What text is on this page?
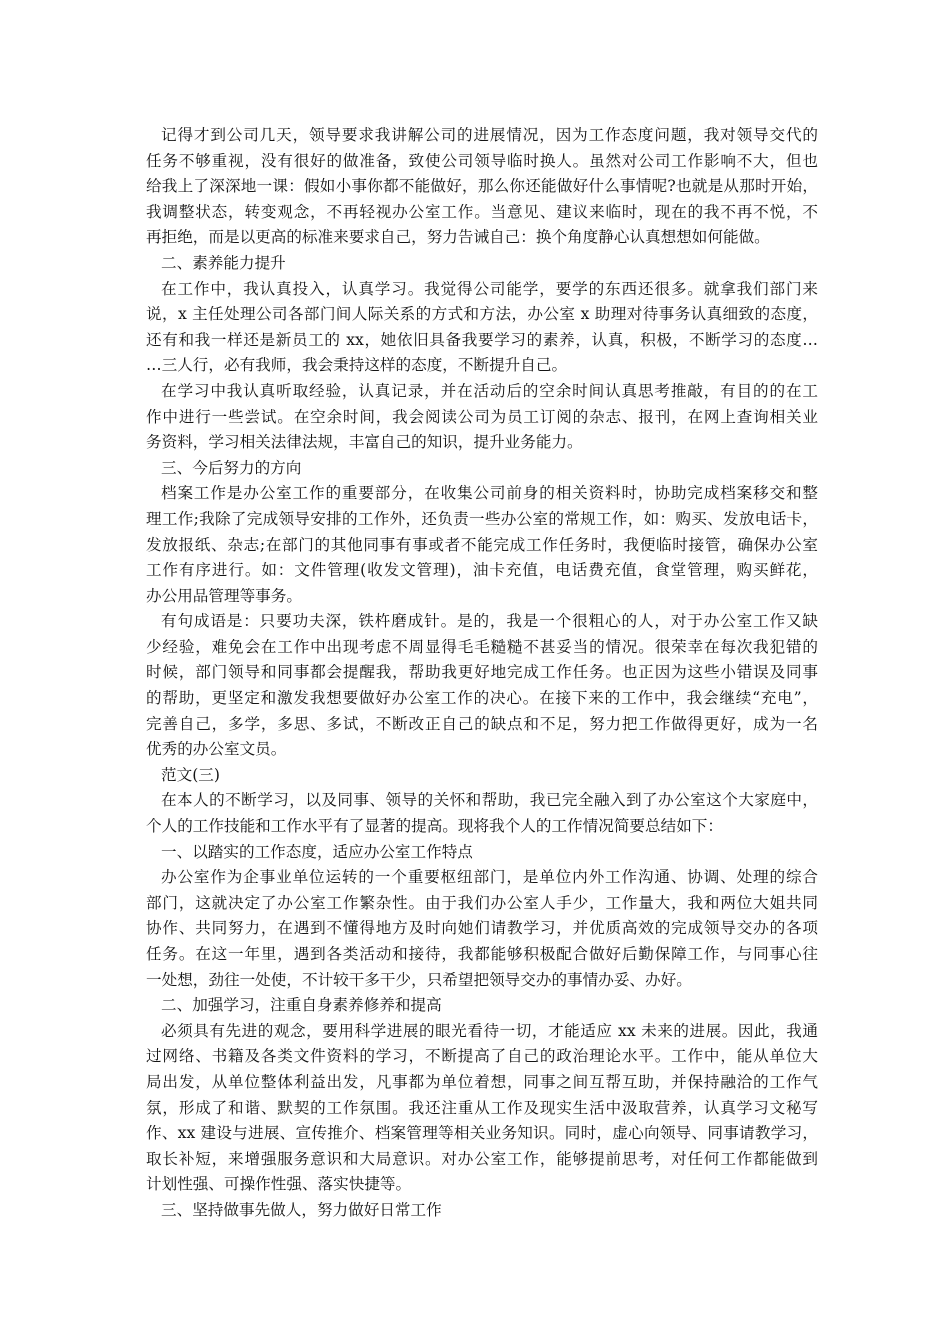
记得才到公司几天，领导要求我讲解公司的进展情况，因为工作态度问题，我对领导交代的
任务不够重视，没有很好的做准备，致使公司领导临时换人。虽然对公司工作影响不大，但也
给我上了深深地一课：假如小事你都不能做好，那么你还能做好什么事情呢?也就是从那时开始，
我调整状态，转变观念，不再轻视办公室工作。当意见、建议来临时，现在的我不再不悦，不
再拒绝，而是以更高的标准来要求自己，努力告诫自己：换个角度静心认真想想如何能做。
二、素养能力提升
在工作中，我认真投入，认真学习。我觉得公司能学，要学的东西还很多。就拿我们部门来
说，x 主任处理公司各部门间人际关系的方式和方法，办公室 x 助理对待事务认真细致的态度，
还有和我一样还是新员工的 xx，她依旧具备我要学习的素养，认真，积极，不断学习的态度…
…三人行，必有我师，我会秉持这样的态度，不断提升自己。
在学习中我认真听取经验，认真记录，并在活动后的空余时间认真思考推敲，有目的的在工
作中进行一些尝试。在空余时间，我会阅读公司为员工订阅的杂志、报刊，在网上查询相关业
务资料，学习相关法律法规，丰富自己的知识，提升业务能力。
三、今后努力的方向
档案工作是办公室工作的重要部分，在收集公司前身的相关资料时，协助完成档案移交和整
理工作;我除了完成领导安排的工作外，还负责一些办公室的常规工作，如：购买、发放电话卡，
发放报纸、杂志;在部门的其他同事有事或者不能完成工作任务时，我便临时接管，确保办公室
工作有序进行。如：文件管理(收发文管理)，油卡充值，电话费充值，食堂管理，购买鲜花，
办公用品管理等事务。
有句成语是：只要功夫深，铁杵磨成针。是的，我是一个很粗心的人，对于办公室工作又缺
少经验，难免会在工作中出现考虑不周显得毛毛糙糙不甚妥当的情况。很荣幸在每次我犯错的
时候，部门领导和同事都会提醒我，帮助我更好地完成工作任务。也正因为这些小错误及同事
的帮助，更坚定和激发我想要做好办公室工作的决心。在接下来的工作中，我会继续“充电”，
完善自己，多学，多思、多试，不断改正自己的缺点和不足，努力把工作做得更好，成为一名
优秀的办公室文员。
范文(三)
在本人的不断学习，以及同事、领导的关怀和帮助，我已完全融入到了办公室这个大家庭中，
个人的工作技能和工作水平有了显著的提高。现将我个人的工作情况简要总结如下：
一、以踏实的工作态度，适应办公室工作特点
办公室作为企事业单位运转的一个重要枢纽部门，是单位内外工作沟通、协调、处理的综合
部门，这就决定了办公室工作繁杂性。由于我们办公室人手少，工作量大，我和两位大姐共同
协作、共同努力，在遇到不懂得地方及时向她们请教学习，并优质高效的完成领导交办的各项
任务。在这一年里，遇到各类活动和接待，我都能够积极配合做好后勤保障工作，与同事心往
一处想，劲往一处使，不计较干多干少，只希望把领导交办的事情办妥、办好。
二、加强学习，注重自身素养修养和提高
必须具有先进的观念，要用科学进展的眼光看待一切，才能适应 xx 未来的进展。因此，我通
过网络、书籍及各类文件资料的学习，不断提高了自己的政治理论水平。工作中，能从单位大
局出发，从单位整体利益出发，凡事都为单位着想，同事之间互帮互助，并保持融洽的工作气
氛，形成了和谐、默契的工作氛围。我还注重从工作及现实生活中汲取营养，认真学习文秘写
作、xx 建设与进展、宣传推介、档案管理等相关业务知识。同时，虚心向领导、同事请教学习，
取长补短，来增强服务意识和大局意识。对办公室工作，能够提前思考，对任何工作都能做到
计划性强、可操作性强、落实快捷等。
三、坚持做事先做人，努力做好日常工作
